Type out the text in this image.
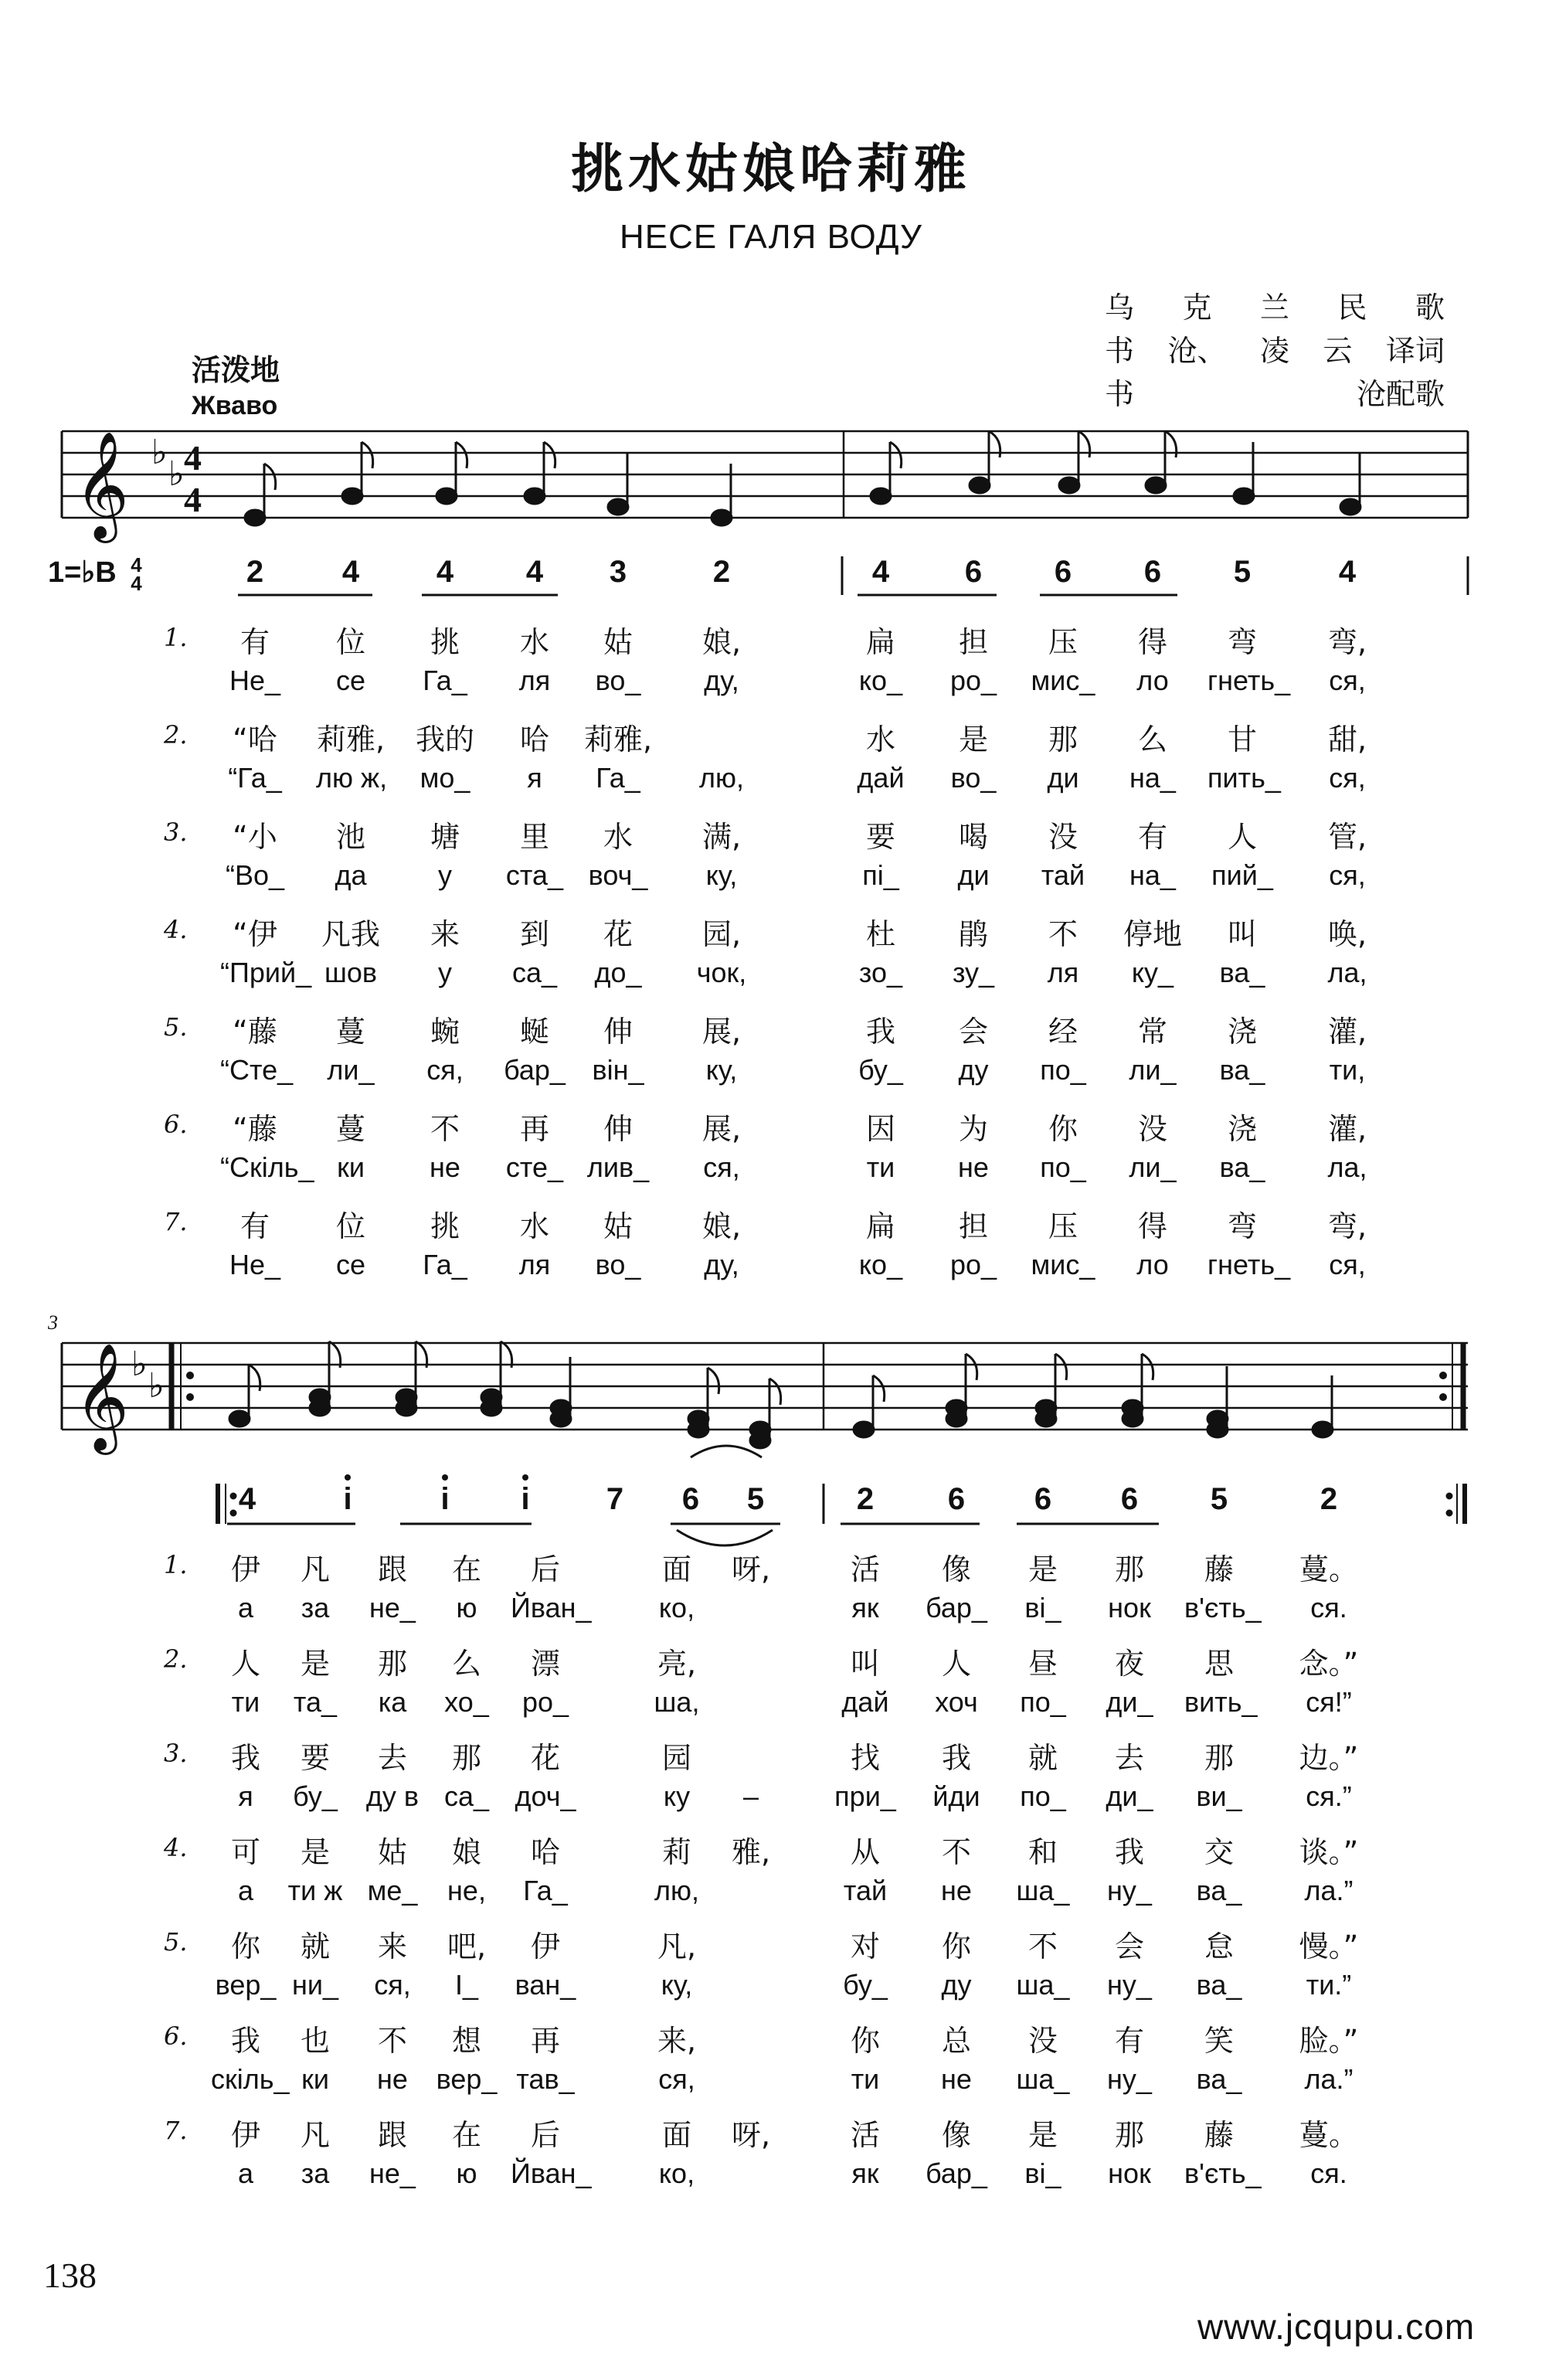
挑水姑娘哈莉雅
НЕСЕ ГАЛЯ ВОДУ
乌 克 兰 民 歌
书 沧、 凌 云 译词
书	沧配歌
活泼地
Жваво
𝄞 ♭
♭ 4
4
𝄞 ♭
♭
3
1=♭B 4
4	2	4	4	4	3	2	4	6	6	6	5	4
1.	有	位	挑	水	姑	娘,	扁	担	压	得	弯	弯,
Не_	се	Га_	ля	во_	ду,	ко_	ро_	мис_	ло	гнеть_	ся,
2.	“哈	莉雅, 我的	哈	莉雅,	水	是	那	么	甘	甜,
“Га_ лю ж,	мо_	я	Га_	лю,	дай	во_	ди	на_	пить_	ся,
3.	“小	池	塘	里	水	满,	要	喝	没	有	人	管,
“Во_	да	у	ста_ воч_	ку,	пі_	ди	тай	на_	пий_	ся,
4.	“伊	凡我	来	到	花	园,	杜	鹃	不	停地	叫	唤,
“Прий_ шов	у	са_	до_	чок,	зо_	зу_	ля	ку_	ва_	ла,
5.	“藤	蔓	蜿	蜒	伸	展,	我	会	经	常	浇	灌,
“Сте_	ли_	ся,	бар_ він_	ку,	бу_	ду	по_	ли_	ва_	ти,
6.	“藤	蔓	不	再	伸	展,	因	为	你	没	浇	灌,
“Скіль_ ки	не	сте_ лив_	ся,	ти	не	по_	ли_	ва_	ла,
7.	有	位	挑	水	姑	娘,	扁	担	压	得	弯	弯,
Не_	се	Га_	ля	во_	ду,	ко_	ро_	мис_	ло	гнеть_	ся,
4	i	i	i	7	6	5	2	6	6	6	5	2
1.	伊	凡	跟	在	后	面	呀,	活	像	是	那	藤	蔓。
а	за	не_	ю	Йван_	ко,	як	бар_	ві_	нок	в'єть_	ся.
2.	人	是	那	么	漂	亮,	叫	人	昼	夜	思	念。”
ти	та_	ка	хо_	ро_	ша,	дай	хоч	по_	ди_	вить_	ся!”
3.	我	要	去	那	花	园	找	我	就	去	那	边。”
я	бу_	ду в са_ доч_	ку	–	при_	йди	по_	ди_	ви_	ся.”
4.	可	是	姑	娘	哈	莉	雅,	从	不	和	我	交	谈。”
а	ти ж ме_	не,	Га_	лю,	тай	не	ша_	ну_	ва_	ла.”
5.	你	就	来	吧,	伊	凡,	对	你	不	会	怠	慢。”
вер_ ни_	ся,	І_	ван_	ку,	бу_	ду	ша_	ну_	ва_	ти.”
6.	我	也	不	想	再	来,	你	总	没	有	笑	脸。”
скіль_ ки	не	вер_ тав_	ся,	ти	не	ша_	ну_	ва_	ла.”
7.	伊	凡	跟	在	后	面	呀,	活	像	是	那	藤	蔓。
а	за	не_	ю	Йван_	ко,	як	бар_	ві_	нок	в'єть_	ся.
138
www.jcqupu.com
